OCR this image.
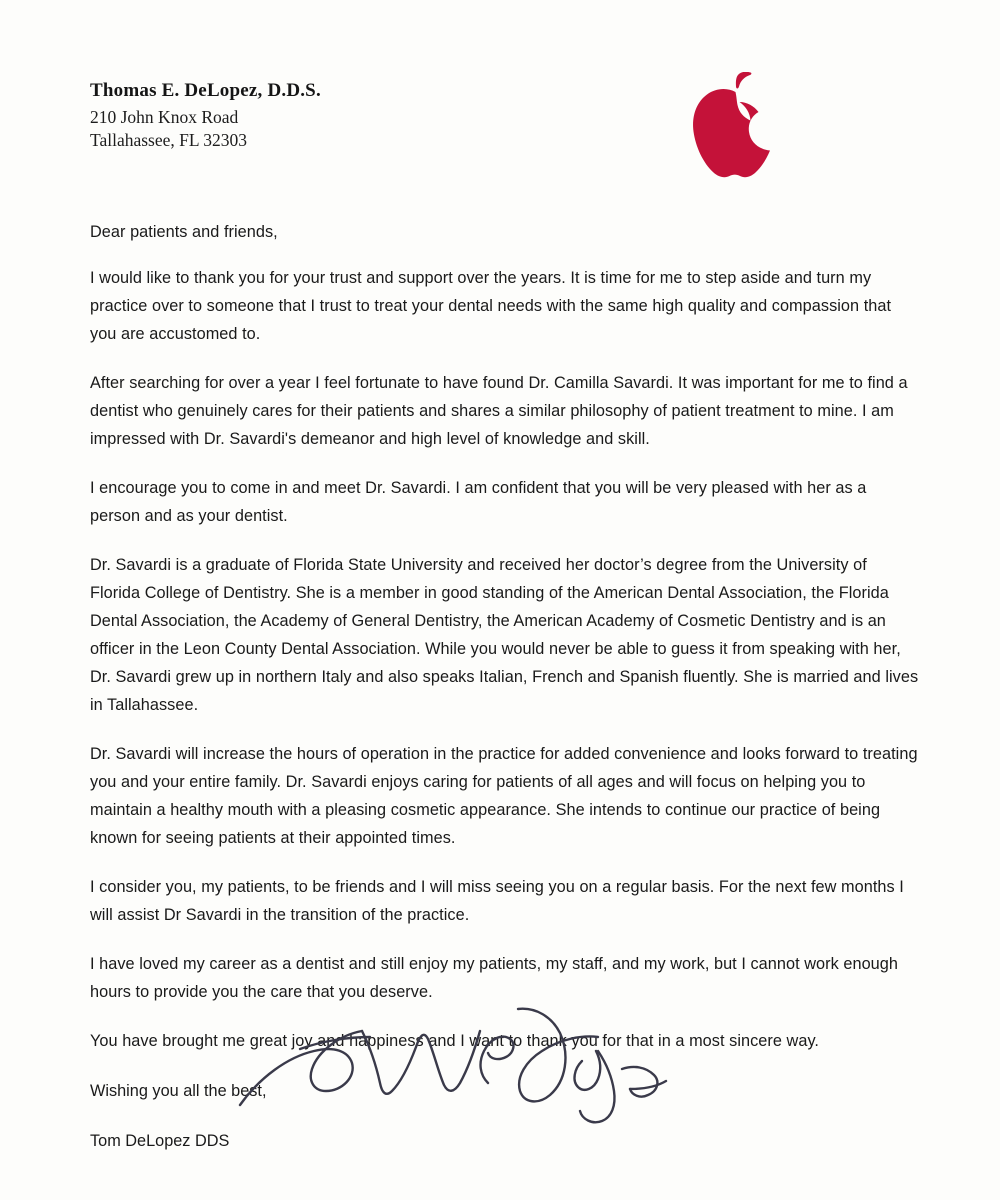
Thomas E. DeLopez, D.D.S.
210 John Knox Road
Tallahassee, FL 32303

Dear patients and friends,

I would like to thank you for your trust and support over the years. It is time for me to step aside and turn my practice over to someone that I trust to treat your dental needs with the same high quality and compassion that you are accustomed to.

After searching for over a year I feel fortunate to have found Dr. Camilla Savardi. It was important for me to find a dentist who genuinely cares for their patients and shares a similar philosophy of patient treatment to mine. I am impressed with Dr. Savardi's demeanor and high level of knowledge and skill.

I encourage you to come in and meet Dr. Savardi. I am confident that you will be very pleased with her as a person and as your dentist.

Dr. Savardi is a graduate of Florida State University and received her doctor’s degree from the University of Florida College of Dentistry. She is a member in good standing of the American Dental Association, the Florida Dental Association, the Academy of General Dentistry, the American Academy of Cosmetic Dentistry and is an officer in the Leon County Dental Association. While you would never be able to guess it from speaking with her, Dr. Savardi grew up in northern Italy and also speaks Italian, French and Spanish fluently. She is married and lives in Tallahassee.

Dr. Savardi will increase the hours of operation in the practice for added convenience and looks forward to treating you and your entire family. Dr. Savardi enjoys caring for patients of all ages and will focus on helping you to maintain a healthy mouth with a pleasing cosmetic appearance. She intends to continue our practice of being known for seeing patients at their appointed times.

I consider you, my patients, to be friends and I will miss seeing you on a regular basis. For the next few months I will assist Dr Savardi in the transition of the practice.

I have loved my career as a dentist and still enjoy my patients, my staff, and my work, but I cannot work enough hours to provide you the care that you deserve.

You have brought me great joy and happiness and I want to thank you for that in a most sincere way.

Wishing you all the best,

Tom DeLopez DDS
